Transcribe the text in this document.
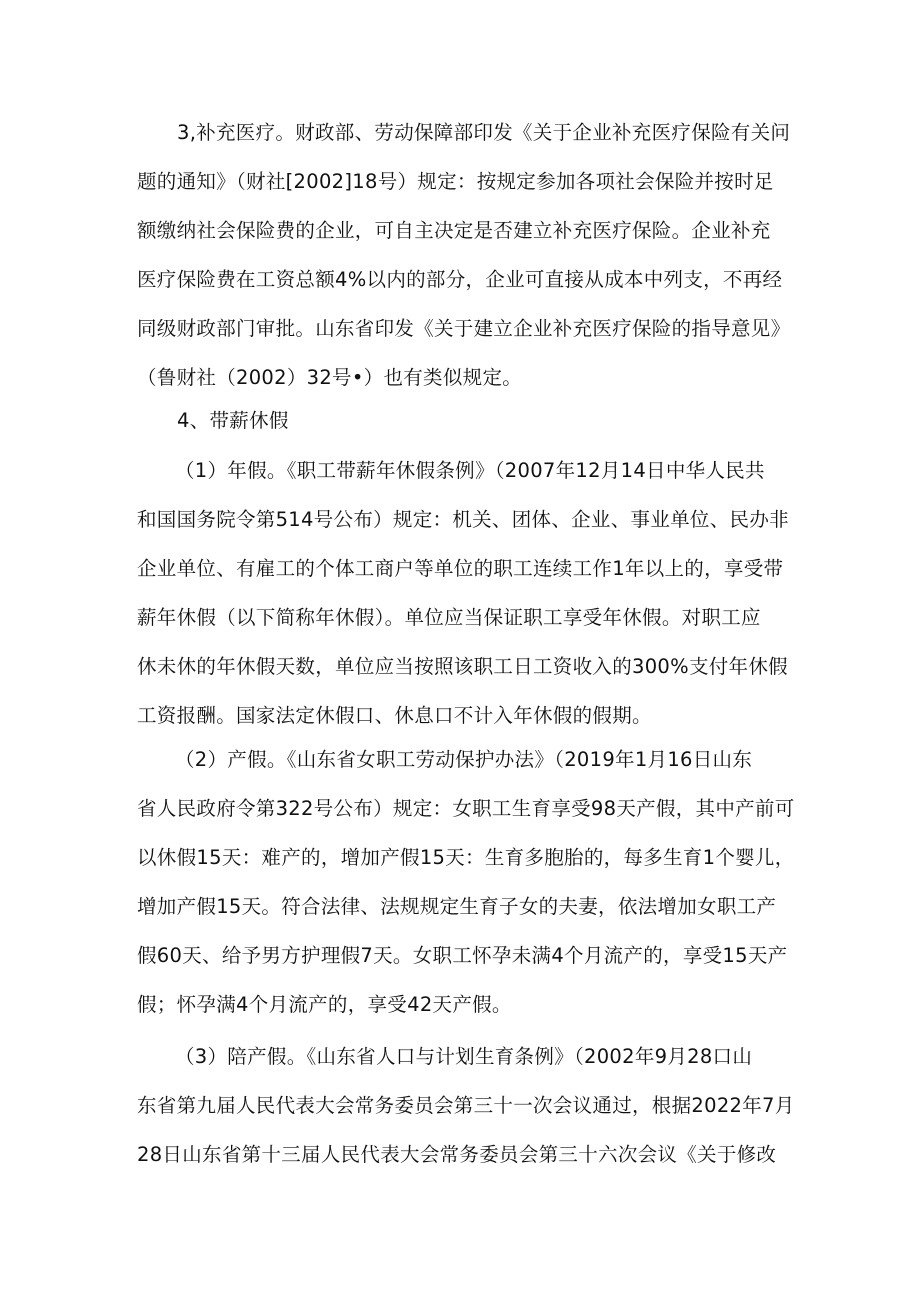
3,补充医疗。财政部、劳动保障部印发《关于企业补充医疗保险有关问
题的通知》（财社[2002]18号）规定：按规定参加各项社会保险并按时足
额缴纳社会保险费的企业，可自主决定是否建立补充医疗保险。企业补充
医疗保险费在工资总额4%以内的部分，企业可直接从成本中列支，不再经
同级财政部门审批。山东省印发《关于建立企业补充医疗保险的指导意见》
（鲁财社（2002）32号•）也有类似规定。
4、带薪休假
（1）年假。《职工带薪年休假条例》（2007年12月14日中华人民共
和国国务院令第514号公布）规定：机关、团体、企业、事业单位、民办非
企业单位、有雇工的个体工商户等单位的职工连续工作1年以上的，享受带
薪年休假（以下简称年休假）。单位应当保证职工享受年休假。对职工应
休未休的年休假天数，单位应当按照该职工日工资收入的300%支付年休假
工资报酬。国家法定休假口、休息口不计入年休假的假期。
（2）产假。《山东省女职工劳动保护办法》（2019年1月16日山东
省人民政府令第322号公布）规定：女职工生育享受98天产假，其中产前可
以休假15天：难产的，增加产假15天：生育多胞胎的，每多生育1个婴儿，
增加产假15天。符合法律、法规规定生育子女的夫妻，依法增加女职工产
假60天、给予男方护理假7天。女职工怀孕未满4个月流产的，享受15天产
假；怀孕满4个月流产的，享受42天产假。
（3）陪产假。《山东省人口与计划生育条例》（2002年9月28口山
东省第九届人民代表大会常务委员会第三十一次会议通过，根据2022年7月
28日山东省第十三届人民代表大会常务委员会第三十六次会议《关于修改
